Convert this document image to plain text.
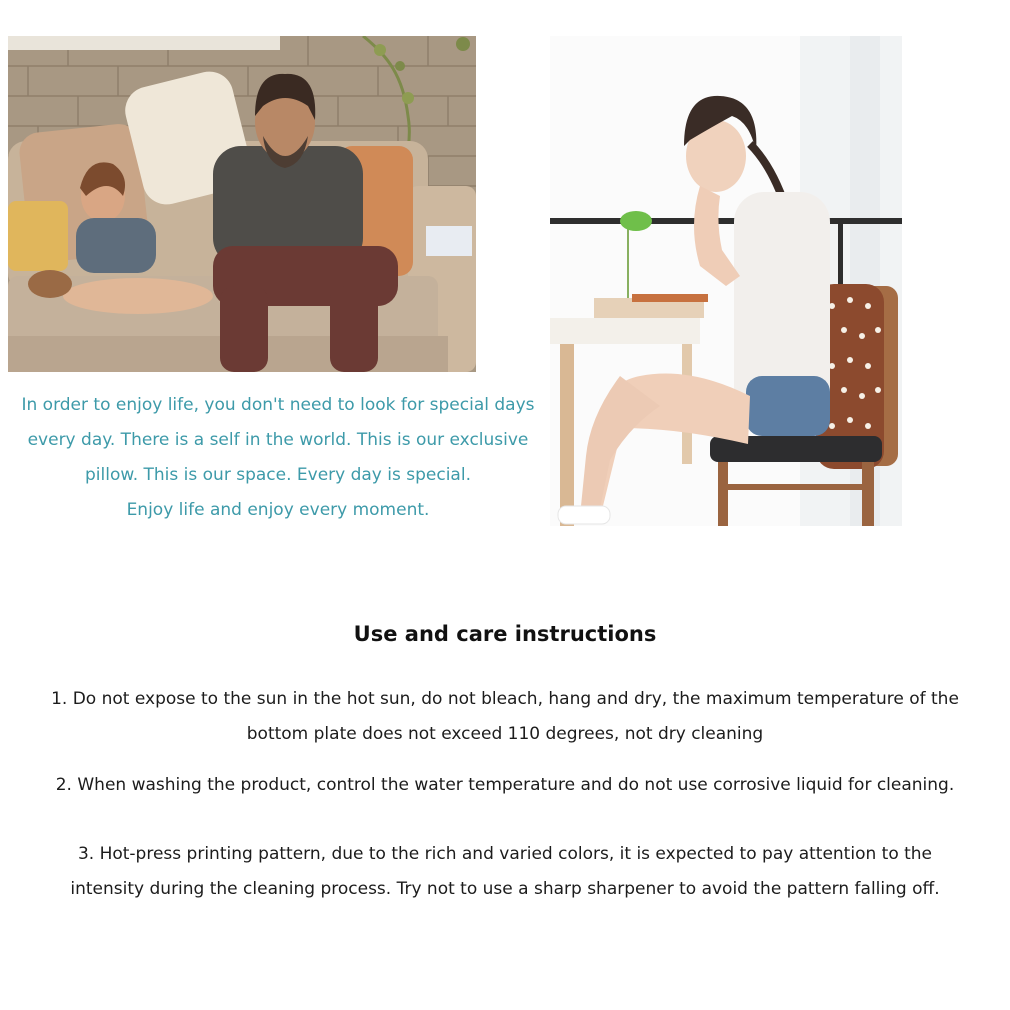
In order to enjoy life, you don't need to look for special days
every day. There is a self in the world. This is our exclusive
pillow. This is our space. Every day is special.
Enjoy life and enjoy every moment.
Use and care instructions
1. Do not expose to the sun in the hot sun, do not bleach, hang and dry, the maximum temperature of the
bottom plate does not exceed 110 degrees, not dry cleaning
2. When washing the product, control the water temperature and do not use corrosive liquid for cleaning.
3. Hot-press printing pattern, due to the rich and varied colors, it is expected to pay attention to the
intensity during the cleaning process. Try not to use a sharp sharpener to avoid the pattern falling off.
